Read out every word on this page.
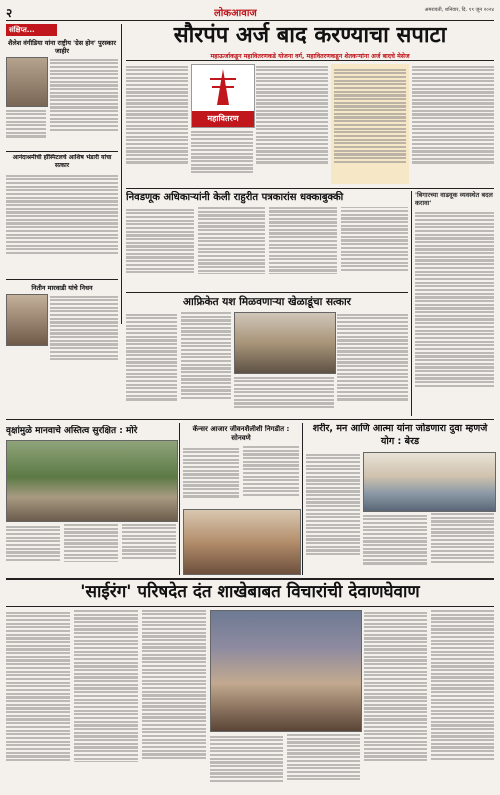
२	लोकआवाज	अमरावती, शनिवार, दि. १९ जून २०२४
संक्षिप्त...
शैलेश वंगीडिया यांना राष्ट्रीय 'ग्रेस होन' पुरस्कार जाहीर
आनंदाश्रमीची हॉस्पिटलचे आशिष भंडारी यांचा सत्कार
नितीन मारवाडी यांचे निधन
सौरपंप अर्ज बाद करण्याचा सपाटा
महाऊर्जाकडून महावितरणकडे योजना वर्ग, महावितरणकडून शेतकऱ्यांना अर्ज बादचे मेसेज
महावितरण
निवडणूक अधिकाऱ्यांनी केली राहुरीत पत्रकारांस धक्काबुक्की	'बिगारच्या वाढवूक व्यवस्थेत बदल करावा'
आफ्रिकेत यश मिळवणाऱ्या खेळाडूंचा सत्कार
वृक्षांमुळे मानवाचे अस्तित्व सुरक्षित : मोरे	कॅन्सर आजार जीवनशैलीशी निगडीत : सोनवणे
शरीर, मन आणि आत्मा यांना जोडणारा दुवा म्हणजे योग : बेरड
'साईरंग' परिषदेत दंत शाखेबाबत विचारांची देवाणघेवाण
